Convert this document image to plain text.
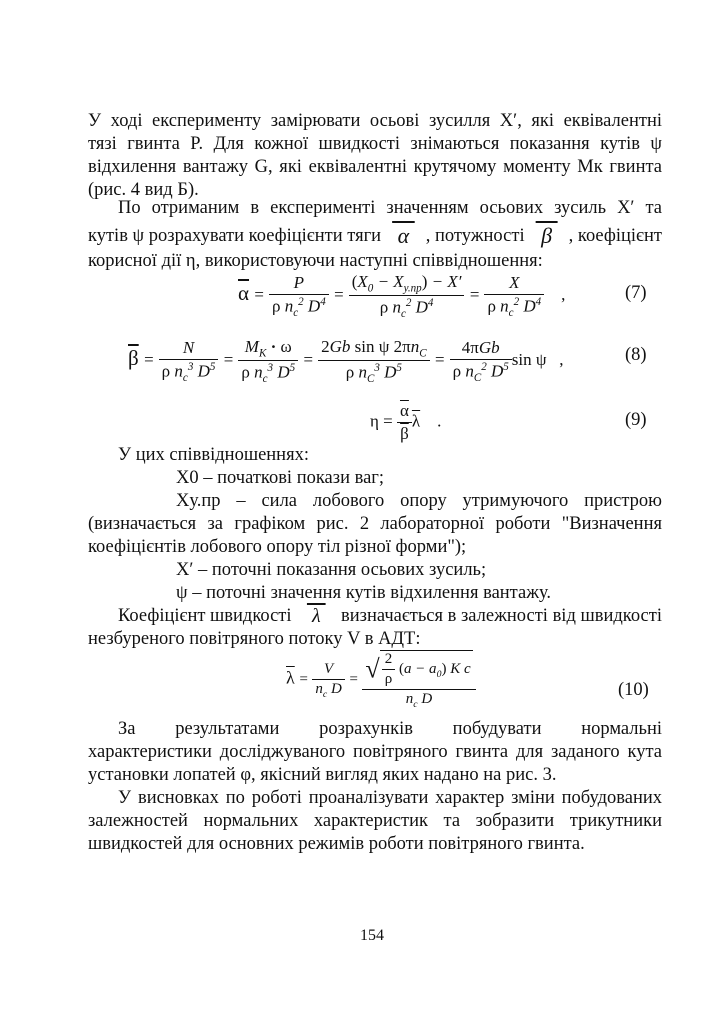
У ході експерименту замірювати осьові зусилля X′, які еквівалентні
тязі гвинта P. Для кожної швидкості знімаються показання кутів ψ
відхилення вантажу G, які еквівалентні крутячому моменту Mк гвинта
(рис. 4 вид Б).
По отриманим в експерименті значенням осьових зусиль X′ та
кутів ψ розрахувати коефіцієнти тяги α , потужності β , коефіцієнт
корисної дії η, використовуючи наступні співвідношення:
$\overline{\alpha} = \frac{P}{\rho n_c^2 D^4} = \frac{(X_0 - X_{у.пр}) - X'}{\rho n_c^2 D^4} = \frac{X}{\rho n_c^2 D^4}$ ,	(7)
$\overline{\beta} = \frac{N}{\rho n_c^3 D^5} = \frac{M_K \cdot \omega}{\rho n_c^3 D^5} = \frac{2Gb \sin \psi 2\pi n_C}{\rho n_C^3 D^5} = \frac{\text{4πGb}}{\rho n_C^2 D^5}$ sin ψ   ,	(8)
$\eta = \frac{\overline{\alpha}}{\beta} \overline{\lambda}$    .	(9)
У цих співвідношеннях:
X0 – початкові покази ваг;
Xу.пр – сила лобового опору утримуючого пристрою
(визначається за графіком рис. 2 лабораторної роботи "Визначення
коефіцієнтів лобового опору тіл різної форми");
X′ – поточні показання осьових зусиль;
ψ – поточні значення кутів відхилення вантажу.
Коефіцієнт швидкості λ визначається в залежності від швидкості
незбуреного повітряного потоку V в АДТ:
$\overline{\lambda} = \frac{V}{n_c D} = \frac{√ \frac{2}{\rho} (a - a_0) K c}{n_c D}$	(10)
За результатами розрахунків побудувати нормальні
характеристики досліджуваного повітряного гвинта для заданого кута
установки лопатей φ, якісний вигляд яких надано на рис. 3.
У висновках по роботі проаналізувати характер зміни побудованих
залежностей нормальних характеристик та зобразити трикутники
швидкостей для основних режимів роботи повітряного гвинта.
154
